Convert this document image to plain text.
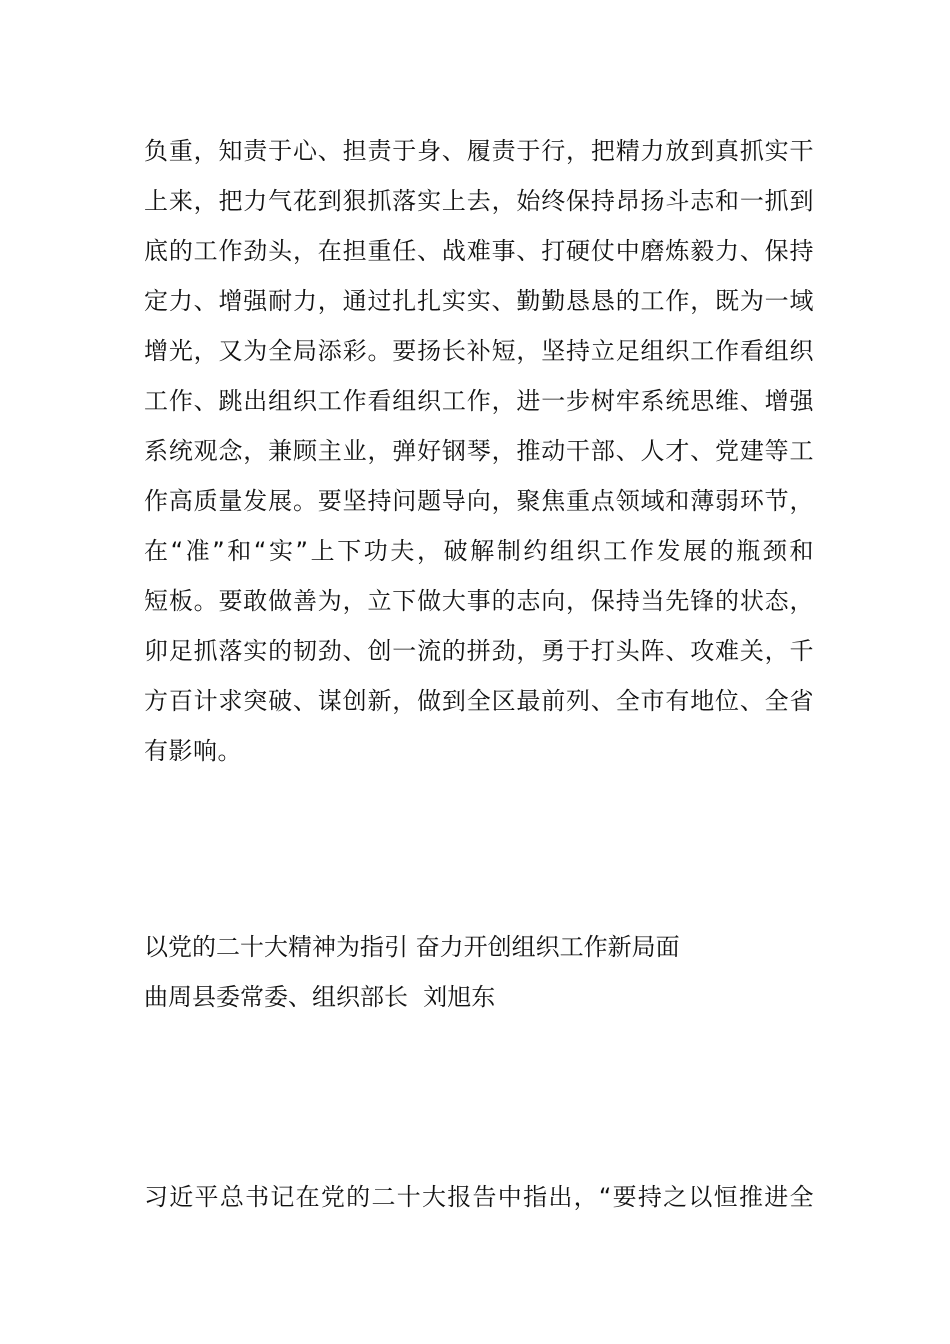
负重，知责于心、担责于身、履责于行，把精力放到真抓实干
上来，把力气花到狠抓落实上去，始终保持昂扬斗志和一抓到
底的工作劲头，在担重任、战难事、打硬仗中磨炼毅力、保持
定力、增强耐力，通过扎扎实实、勤勤恳恳的工作，既为一域
增光，又为全局添彩。要扬长补短，坚持立足组织工作看组织
工作、跳出组织工作看组织工作，进一步树牢系统思维、增强
系统观念，兼顾主业，弹好钢琴，推动干部、人才、党建等工
作高质量发展。要坚持问题导向，聚焦重点领域和薄弱环节，
在“准”和“实”上下功夫，破解制约组织工作发展的瓶颈和
短板。要敢做善为，立下做大事的志向，保持当先锋的状态，
卯足抓落实的韧劲、创一流的拼劲，勇于打头阵、攻难关，千
方百计求突破、谋创新，做到全区最前列、全市有地位、全省
有影响。
以党的二十大精神为指引 奋力开创组织工作新局面
曲周县委常委、组织部长  刘旭东
习近平总书记在党的二十大报告中指出，“要持之以恒推进全
